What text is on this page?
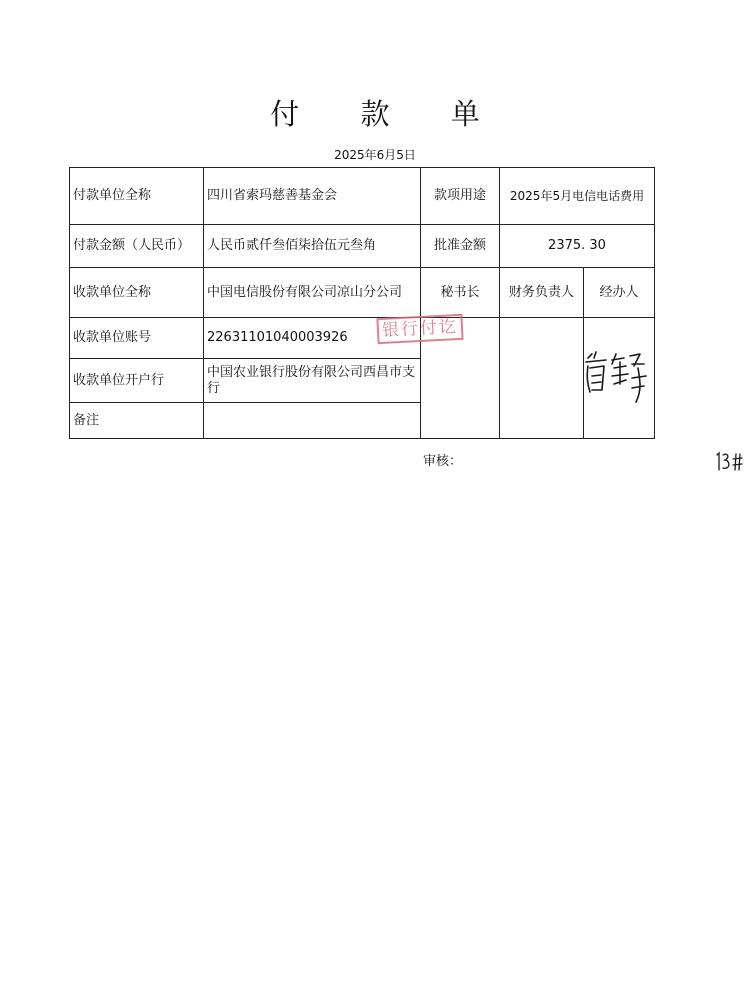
付 款 单
2025年6月5日
付款单位全称	四川省索玛慈善基金会	款项用途	2025年5月电信电话费用	
付款金额（人民币）	人民币贰仟叁佰柒拾伍元叁角	批准金额	2375. 30	
收款单位全称	中国电信股份有限公司凉山分公司	秘书长	财务负责人	经办人
收款单位账号	22631101040003926			
收款单位开户行	中国农业银行股份有限公司西昌市支行			
备注				
银行付讫
审核：
